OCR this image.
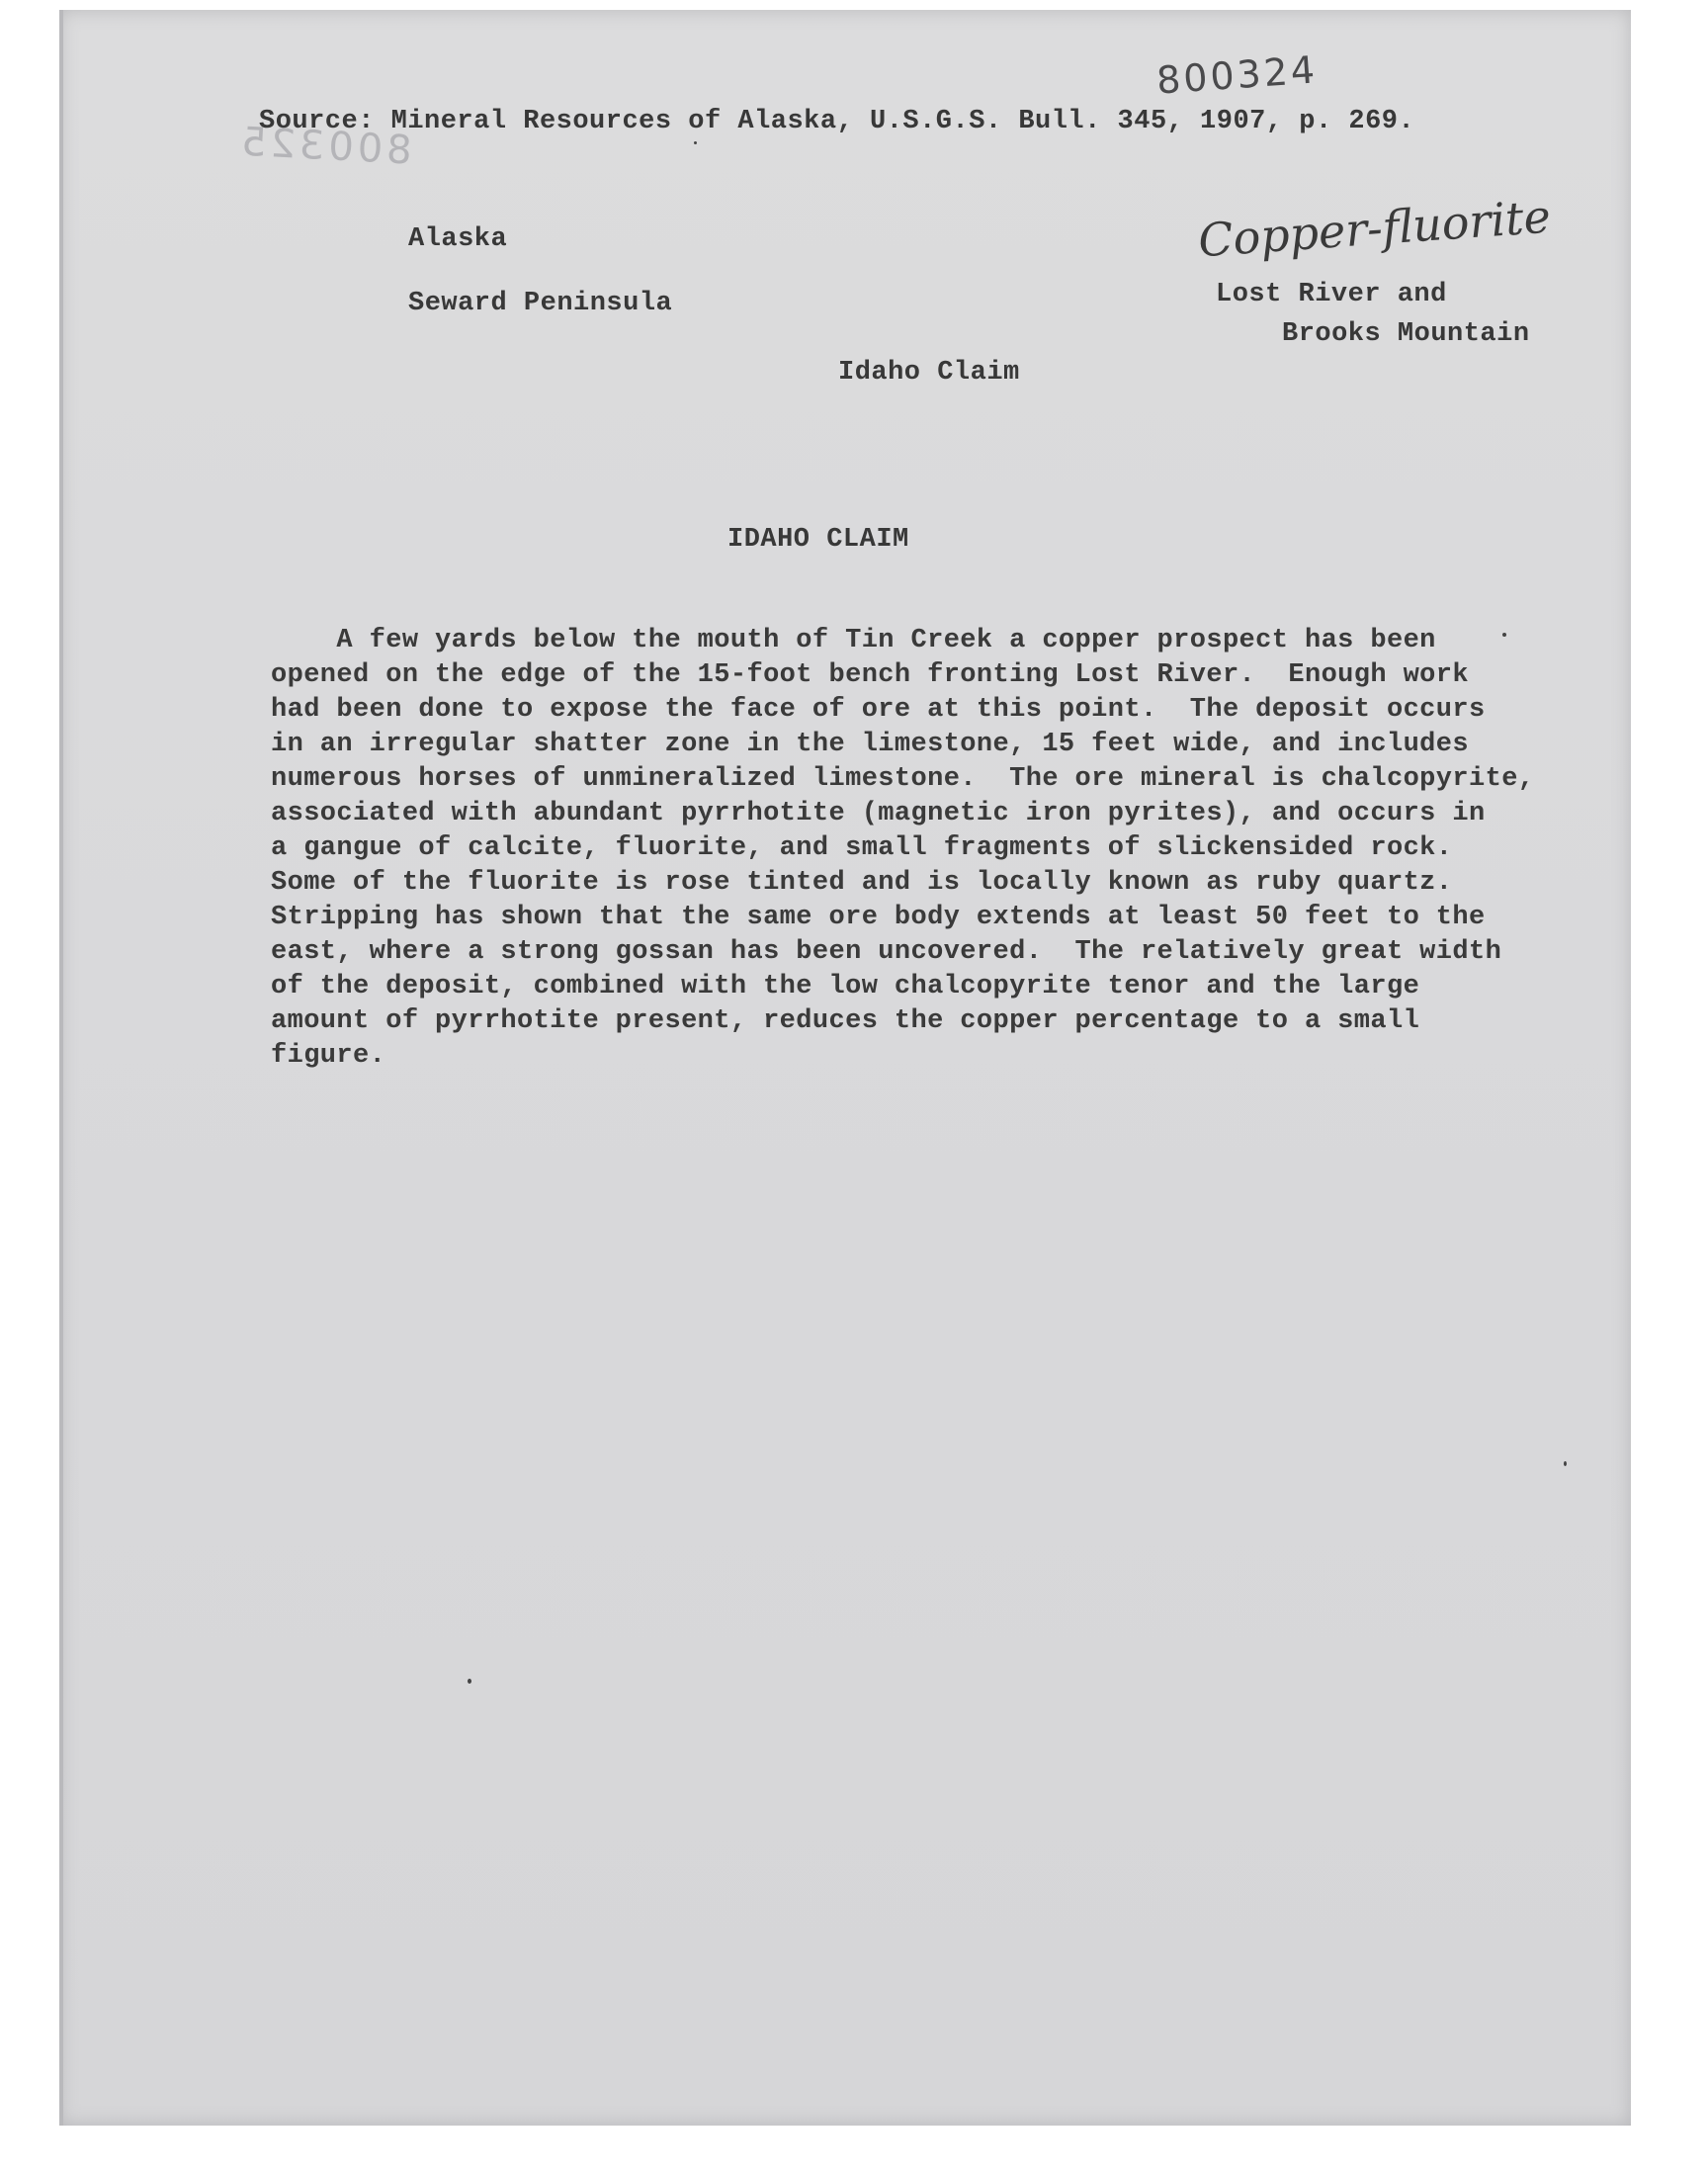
800325
Source: Mineral Resources of Alaska, U.S.G.S. Bull. 345, 1907, p. 269.
800324
Copper-fluorite
Alaska
Seward Peninsula	Lost River and
Brooks Mountain
Idaho Claim
IDAHO CLAIM
A few yards below the mouth of Tin Creek a copper prospect has been
opened on the edge of the 15-foot bench fronting Lost River.  Enough work
had been done to expose the face of ore at this point.  The deposit occurs
in an irregular shatter zone in the limestone, 15 feet wide, and includes
numerous horses of unmineralized limestone.  The ore mineral is chalcopyrite,
associated with abundant pyrrhotite (magnetic iron pyrites), and occurs in
a gangue of calcite, fluorite, and small fragments of slickensided rock.
Some of the fluorite is rose tinted and is locally known as ruby quartz.
Stripping has shown that the same ore body extends at least 50 feet to the
east, where a strong gossan has been uncovered.  The relatively great width
of the deposit, combined with the low chalcopyrite tenor and the large
amount of pyrrhotite present, reduces the copper percentage to a small
figure.
